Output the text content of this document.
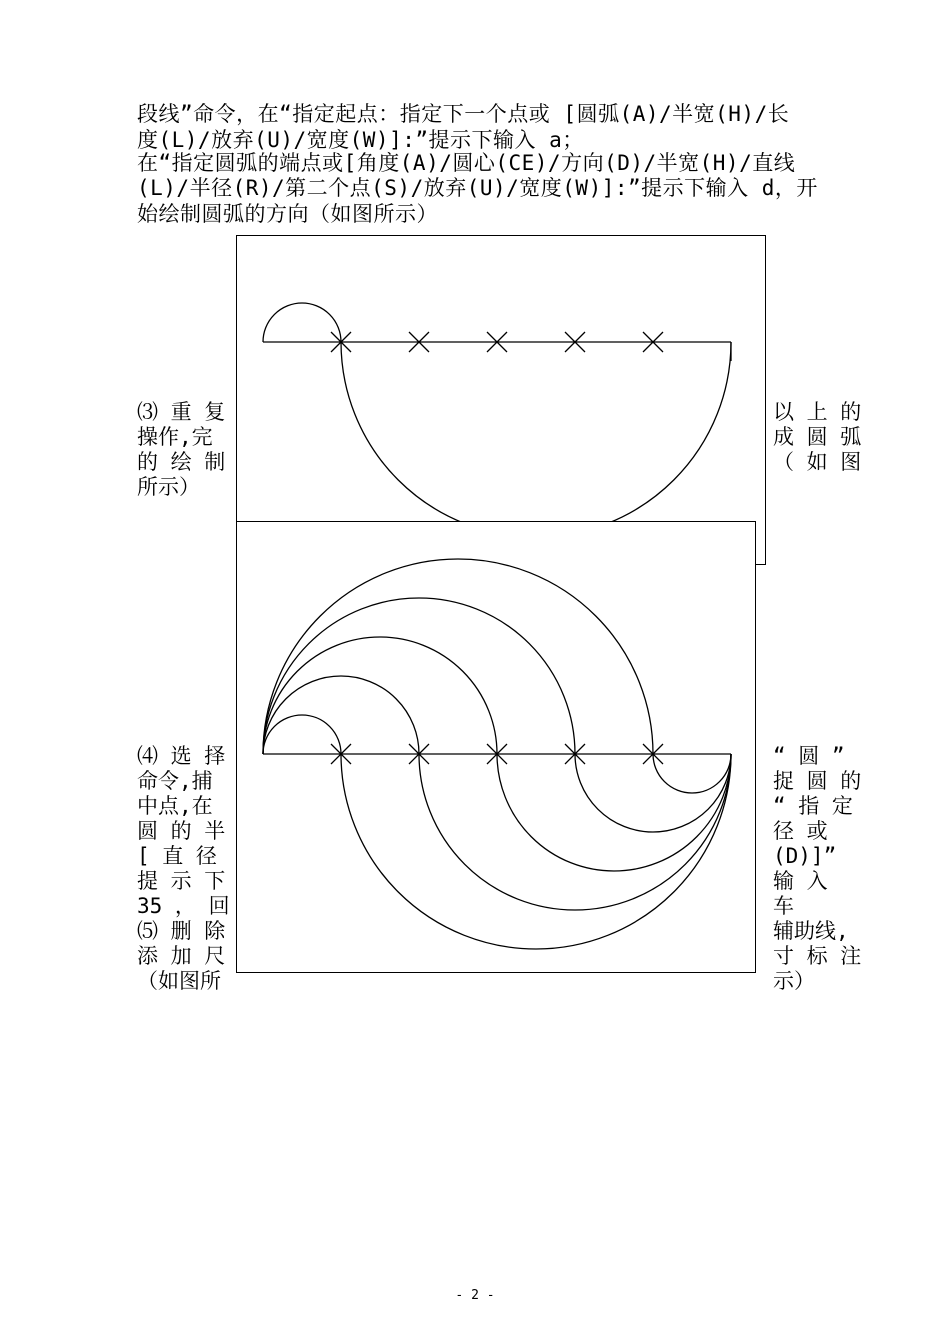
段线”命令，在“指定起点：指定下一个点或 [圆弧(A)/半宽(H)/长
度(L)/放弃(U)/宽度(W)]:”提示下输入 a；
在“指定圆弧的端点或[角度(A)/圆心(CE)/方向(D)/半宽(H)/直线
(L)/半径(R)/第二个点(S)/放弃(U)/宽度(W)]:”提示下输入 d，开
始绘制圆弧的方向（如图所示）
⑶ 重 复
操作,完
的 绘 制
所示）
以 上 的
成 圆 弧
（ 如 图
⑷ 选 择
命令,捕
中点,在
圆 的 半
[ 直 径
提 示 下
35 ， 回
⑸ 删 除
添 加 尺
（如图所
“ 圆 ”
捉 圆 的
“ 指 定
径 或
(D)]”
输 入
车
辅助线,
寸 标 注
示）
- 2 -
